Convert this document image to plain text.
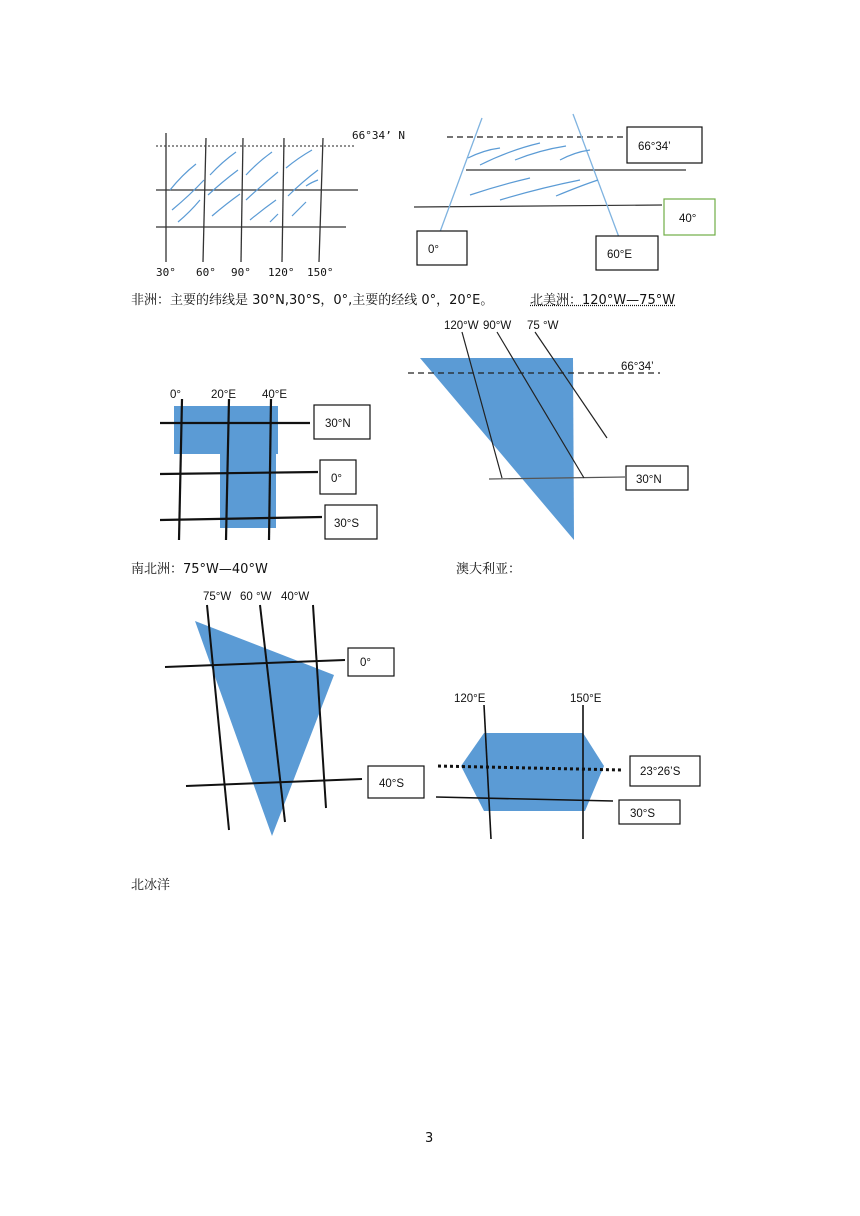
66°34’ N
30° 60° 90° 120° 150°
66°34’
40°
0°	60°E
0°	20°E 40°E
30°N
0°
30°S
120°W 90°W 75 °W
66°34’
30°N
75°W 60 °W 40°W
0°
40°S
120°E	150°E
23°26’S
30°S
非洲：主要的纬线是 30°N,30°S，0°,主要的经线 0°，20°E。	北美洲：120°W—75°W
南北洲：75°W—40°W	澳大利亚：
北冰洋
3
